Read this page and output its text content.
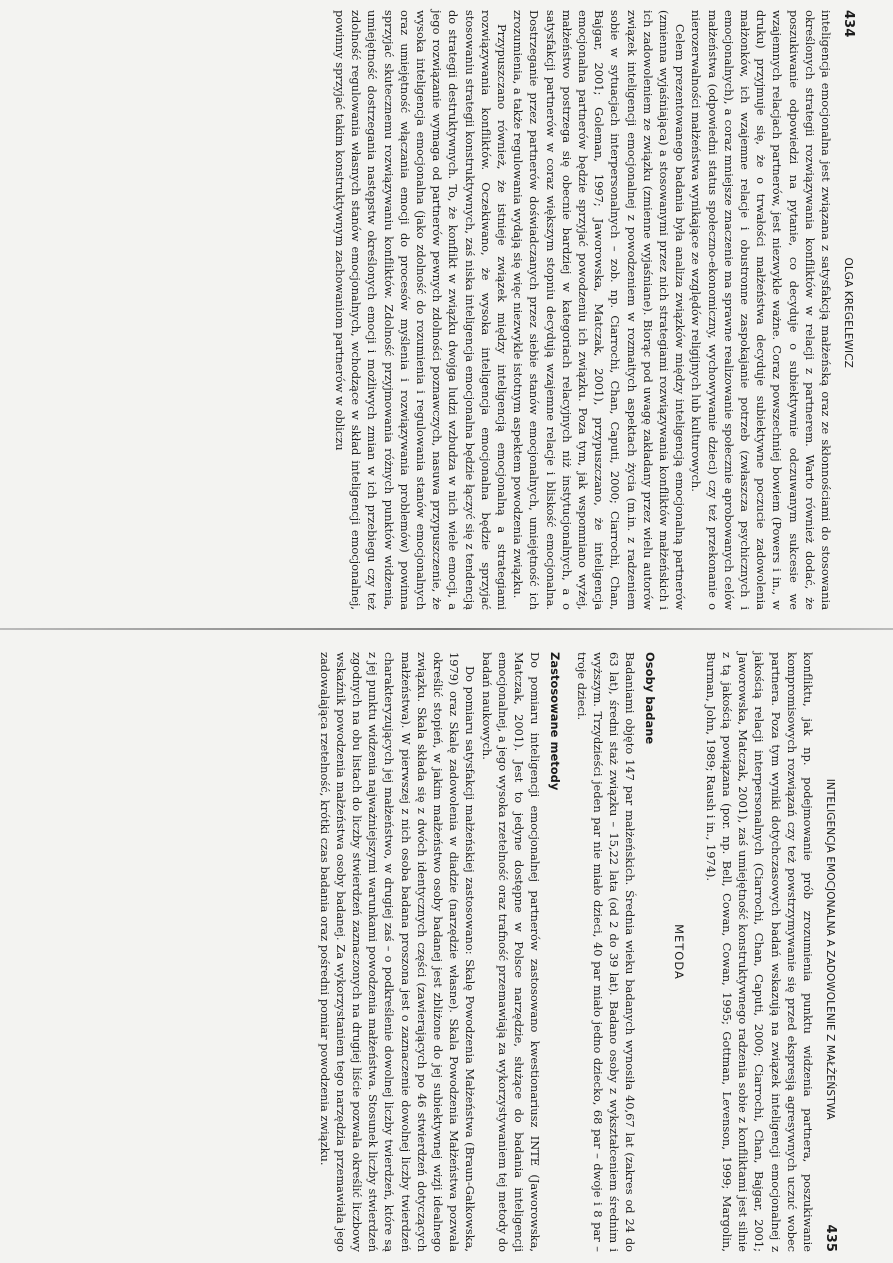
434
OLGA KREGELEWICZ

inteligencja emocjonalna jest związana z satysfakcją małżeńską oraz ze skłonnościami do stosowania określonych strategii rozwiązywania konfliktów w relacji z partnerem. Warto również dodać, że poszukiwanie odpowiedzi na pytanie, co decyduje o subiektywnie odczuwanym sukcesie we wzajemnych relacjach partnerów, jest niezwykle ważne. Coraz powszechniej bowiem (Powers i in., w druku) przyjmuje się, że o trwałości małżeństwa decyduje subiektywne poczucie zadowolenia małżonków, ich wzajemne relacje i obustronne zaspokajanie potrzeb (zwłaszcza psychicznych i emocjonalnych), a coraz mniejsze znaczenie ma sprawne realizowanie społecznie aprobowanych celów małżeństwa (odpowiedni status społeczno-ekonomiczny, wychowywanie dzieci) czy też przekonanie o nierozerwalności małżeństwa wynikające ze względów religijnych lub kulturowych.

Celem prezentowanego badania była analiza związków między inteligencją emocjonalną partnerów (zmienna wyjaśniająca) a stosowanymi przez nich strategiami rozwiązywania konfliktów małżeńskich i ich zadowoleniem ze związku (zmienne wyjaśniane). Biorąc pod uwagę zakładany przez wielu autorów związek inteligencji emocjonalnej z powodzeniem w rozmaitych aspektach życia (m.in. z radzeniem sobie w sytuacjach interpersonalnych – zob. np. Ciarrochi, Chan, Caputi, 2000; Ciarrochi, Chan, Bajgar, 2001; Goleman, 1997; Jaworowska, Matczak, 2001), przypuszczano, że inteligencja emocjonalna partnerów będzie sprzyjać powodzeniu ich związku. Poza tym, jak wspomniano wyżej, małżeństwo postrzega się obecnie bardziej w kategoriach relacyjnych niż instytucjonalnych, a o satysfakcji partnerów w coraz większym stopniu decydują wzajemne relacje i bliskość emocjonalna. Dostrzeganie przez partnerów doświadczanych przez siebie stanów emocjonalnych, umiejętność ich zrozumienia, a także regulowania wydają się więc niezwykle istotnym aspektem powodzenia związku.

Przypuszczano również, że istnieje związek między inteligencją emocjonalną a strategiami rozwiązywania konfliktów. Oczekiwano, że wysoka inteligencja emocjonalna będzie sprzyjać stosowaniu strategii konstruktywnych, zaś niska inteligencja emocjonalna będzie łączyć się z tendencją do strategii destruktywnych. To, że konflikt w związku dwojga ludzi wzbudza w nich wiele emocji, a jego rozwiązanie wymaga od partnerów pewnych zdolności poznawczych, nasuwa przypuszczenie, że wysoka inteligencja emocjonalna (jako zdolność do rozumienia i regulowania stanów emocjonalnych oraz umiejętność włączania emocji do procesów myślenia i rozwiązywania problemów) powinna sprzyjać skutecznemu rozwiązywaniu konfliktów. Zdolność przyjmowania różnych punktów widzenia, umiejętność dostrzegania następstw określonych emocji i możliwych zmian w ich przebiegu czy też zdolność regulowania własnych stanów emocjonalnych, wchodzące w skład inteligencji emocjonalnej, powinny sprzyjać takim konstruktywnym zachowaniom partnerów w obliczu

INTELIGENCJA EMOCJONALNA A ZADOWOLENIE Z MAŁŻEŃSTWA
435

konfliktu, jak np. podejmowanie prób zrozumienia punktu widzenia partnera, poszukiwanie kompromisowych rozwiązań czy też powstrzymywanie się przed ekspresją agresywnych uczuć wobec partnera. Poza tym wyniki dotychczasowych badań wskazują na związek inteligencji emocjonalnej z jakością relacji interpersonalnych (Ciarrochi, Chan, Caputi, 2000; Ciarrochi, Chan, Bajgar, 2001; Jaworowska, Matczak, 2001), zaś umiejętność konstruktywnego radzenia sobie z konfliktami jest silnie z tą jakością powiązana (por. np. Bell, Cowan, Cowan, 1995; Gottman, Levenson, 1999; Margolin, Burman, John, 1989; Raush i in., 1974).

METODA
Osoby badane

Badaniami objęto 147 par małżeńskich. Średnia wieku badanych wynosiła 40,67 lat (zakres od 24 do 63 lat), średni staż związku – 15,22 lata (od 2 do 39 lat). Badano osoby z wykształceniem średnim i wyższym. Trzydzieści jeden par nie miało dzieci, 40 par miało jedno dziecko, 68 par – dwoje i 8 par – troje dzieci.

Zastosowane metody

Do pomiaru inteligencji emocjonalnej partnerów zastosowano kwestionariusz INTE (Jaworowska, Matczak, 2001). Jest to jedyne dostępne w Polsce narzędzie, służące do badania inteligencji emocjonalnej, a jego wysoka rzetelność oraz trafność przemawiają za wykorzystywaniem tej metody do badań naukowych.

Do pomiaru satysfakcji małżeńskiej zastosowano: Skalę Powodzenia Małżeństwa (Braun-Gałkowska, 1979) oraz Skalę zadowolenia w diadzie (narzędzie własne). Skala Powodzenia Małżeństwa pozwala określić stopień, w jakim małżeństwo osoby badanej jest zbliżone do jej subiektywnej wizji idealnego związku. Skala składa się z dwóch identycznych części (zawierających po 46 stwierdzeń dotyczących małżeństwa). W pierwszej z nich osoba badana proszona jest o zaznaczenie dowolnej liczby twierdzeń charakteryzujących jej małżeństwo, w drugiej zaś – o podkreślenie dowolnej liczby twierdzeń, które są z jej punktu widzenia najważniejszymi warunkami powodzenia małżeństwa. Stosunek liczby stwierdzeń zgodnych na obu listach do liczby stwierdzeń zaznaczonych na drugiej liście pozwala określić liczbowy wskaźnik powodzenia małżeństwa osoby badanej. Za wykorzystaniem tego narzędzia przemawiała jego zadowalająca rzetelność, krótki czas badania oraz pośredni pomiar powodzenia związku.
